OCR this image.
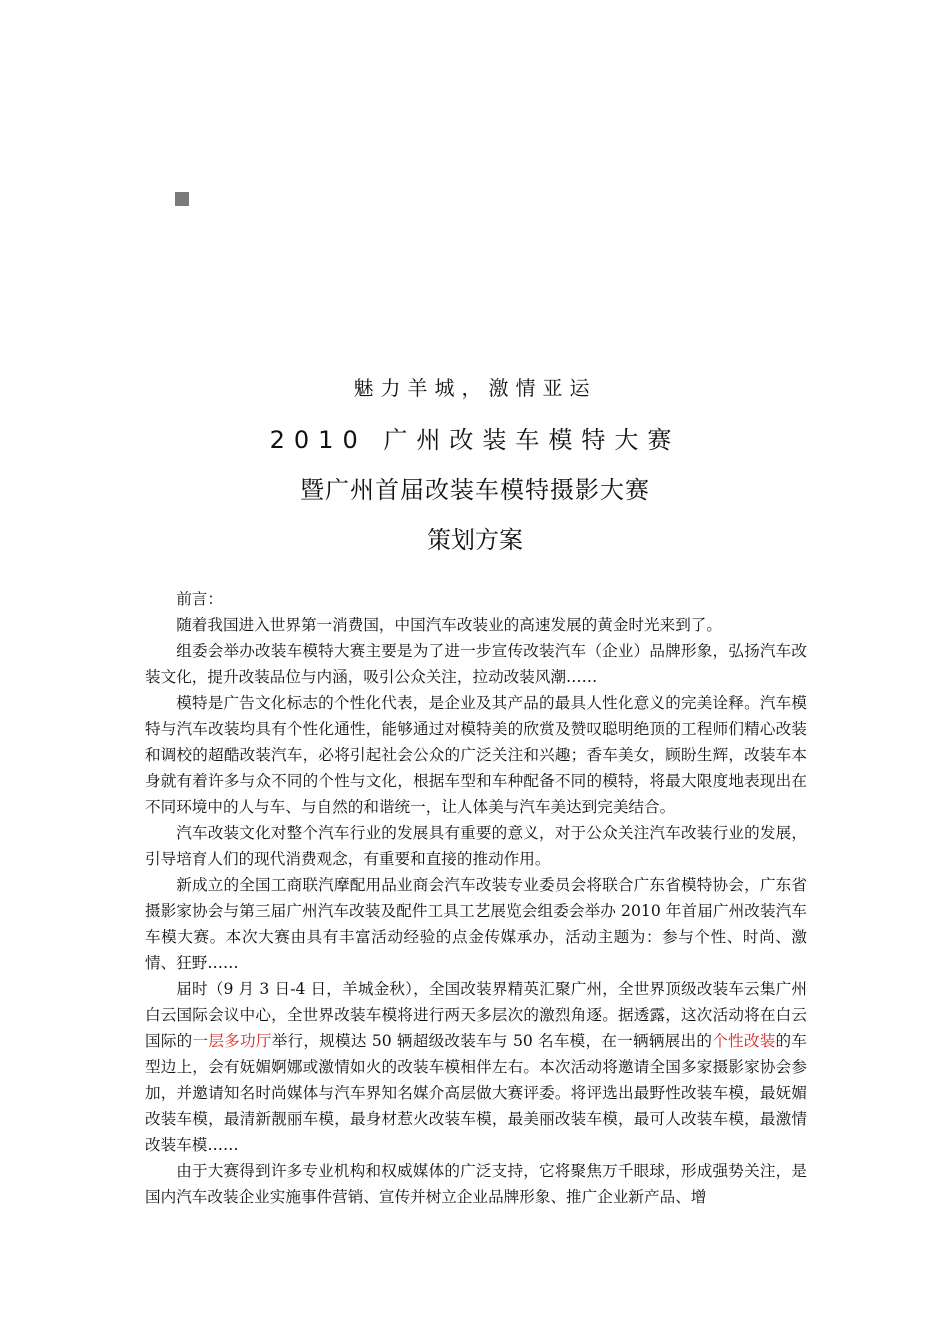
魅力羊城，激情亚运
2010 广州改装车模特大赛
暨广州首届改装车模特摄影大赛
策划方案

前言：

随着我国进入世界第一消费国，中国汽车改装业的高速发展的黄金时光来到了。

组委会举办改装车模特大赛主要是为了进一步宣传改装汽车（企业）品牌形象，弘扬汽车改装文化，提升改装品位与内涵，吸引公众关注，拉动改装风潮……

模特是广告文化标志的个性化代表，是企业及其产品的最具人性化意义的完美诠释。汽车模特与汽车改装均具有个性化通性，能够通过对模特美的欣赏及赞叹聪明绝顶的工程师们精心改装和调校的超酷改装汽车，必将引起社会公众的广泛关注和兴趣；香车美女，顾盼生辉，改装车本身就有着许多与众不同的个性与文化，根据车型和车种配备不同的模特，将最大限度地表现出在不同环境中的人与车、与自然的和谐统一，让人体美与汽车美达到完美结合。

汽车改装文化对整个汽车行业的发展具有重要的意义，对于公众关注汽车改装行业的发展，引导培育人们的现代消费观念，有重要和直接的推动作用。

新成立的全国工商联汽摩配用品业商会汽车改装专业委员会将联合广东省模特协会，广东省摄影家协会与第三届广州汽车改装及配件工具工艺展览会组委会举办 2010 年首届广州改装汽车车模大赛。本次大赛由具有丰富活动经验的点金传媒承办，活动主题为：参与个性、时尚、激情、狂野……

届时（9 月 3 日-4 日，羊城金秋），全国改装界精英汇聚广州，全世界顶级改装车云集广州白云国际会议中心，全世界改装车模将进行两天多层次的激烈角逐。据透露，这次活动将在白云国际的一层多功厅举行，规模达 50 辆超级改装车与 50 名车模，在一辆辆展出的个性改装的车型边上，会有妩媚婀娜或激情如火的改装车模相伴左右。本次活动将邀请全国多家摄影家协会参加，并邀请知名时尚媒体与汽车界知名媒介高层做大赛评委。将评选出最野性改装车模，最妩媚改装车模，最清新靓丽车模，最身材惹火改装车模，最美丽改装车模，最可人改装车模，最激情改装车模……

由于大赛得到许多专业机构和权威媒体的广泛支持，它将聚焦万千眼球，形成强势关注，是国内汽车改装企业实施事件营销、宣传并树立企业品牌形象、推广企业新产品、增
